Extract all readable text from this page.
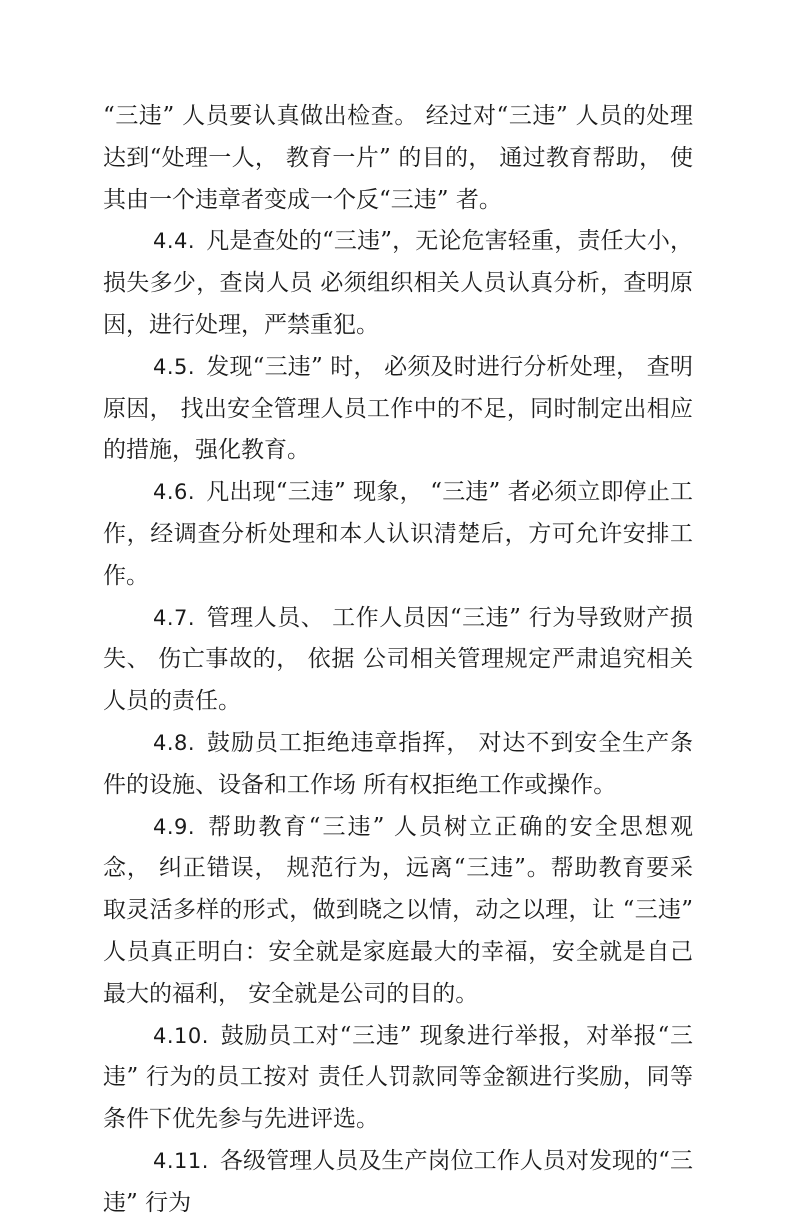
“三违” 人员要认真做出检查。 经过对“三违” 人员的处理达到“处理一人， 教育一片” 的目的， 通过教育帮助， 使其由一个违章者变成一个反“三违” 者。

4.4. 凡是查处的“三违”，无论危害轻重，责任大小，损失多少，查岗人员 必须组织相关人员认真分析，查明原因，进行处理，严禁重犯。

4.5. 发现“三违” 时， 必须及时进行分析处理， 查明原因， 找出安全管理人员工作中的不足，同时制定出相应的措施，强化教育。

4.6. 凡出现“三违” 现象， “三违” 者必须立即停止工作，经调查分析处理和本人认识清楚后，方可允许安排工作。

4.7. 管理人员、 工作人员因“三违” 行为导致财产损失、 伤亡事故的， 依据 公司相关管理规定严肃追究相关人员的责任。

4.8. 鼓励员工拒绝违章指挥， 对达不到安全生产条件的设施、设备和工作场 所有权拒绝工作或操作。

4.9. 帮助教育“三违” 人员树立正确的安全思想观念， 纠正错误， 规范行为，远离“三违”。帮助教育要采取灵活多样的形式，做到晓之以情，动之以理，让 “三违” 人员真正明白：安全就是家庭最大的幸福，安全就是自己最大的福利， 安全就是公司的目的。

4.10. 鼓励员工对“三违” 现象进行举报，对举报“三违” 行为的员工按对 责任人罚款同等金额进行奖励，同等条件下优先参与先进评选。

4.11. 各级管理人员及生产岗位工作人员对发现的“三违” 行为
